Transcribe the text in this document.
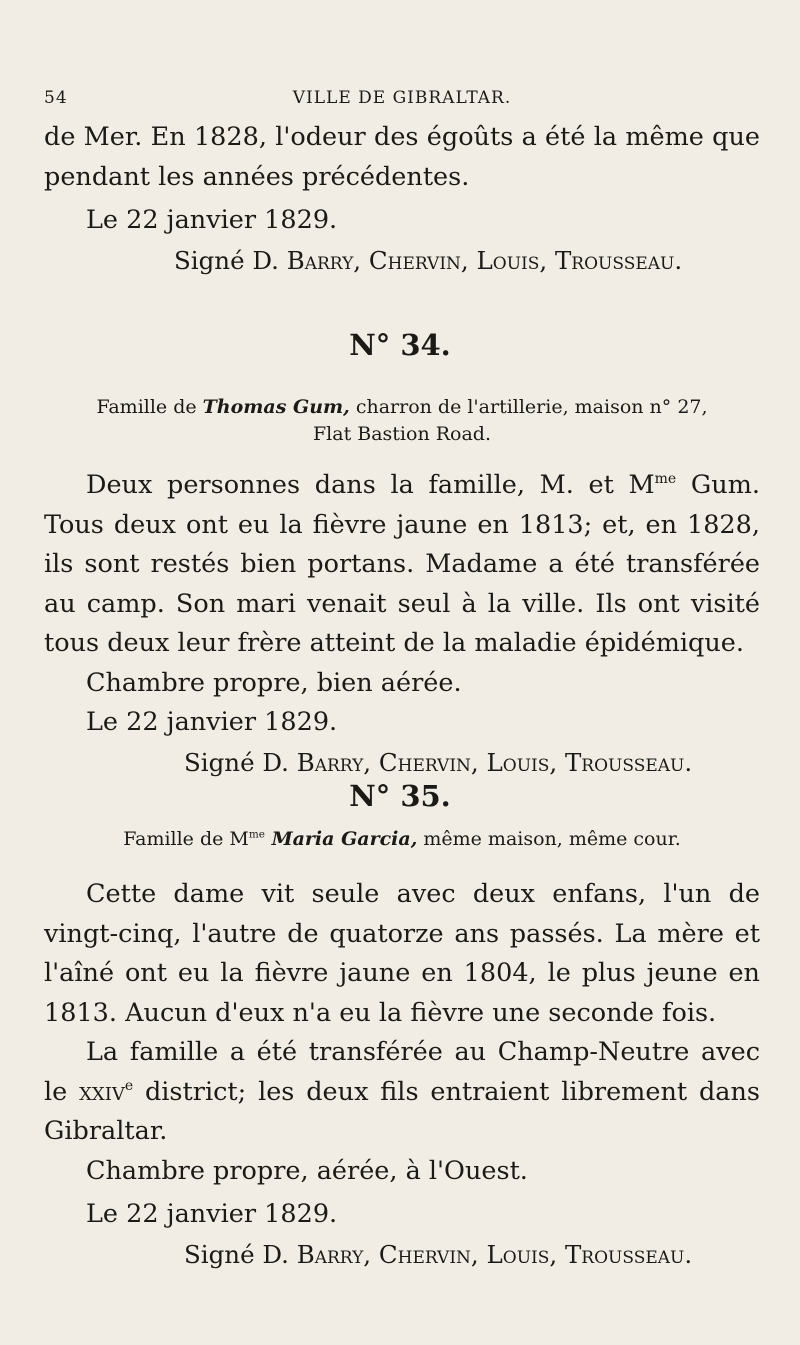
54	VILLE DE GIBRALTAR.

de Mer. En 1828, l'odeur des égoûts a été la même que pendant les années précédentes.

Le 22 janvier 1829.

Signé D. Barry, Chervin, Louis, Trousseau.

N° 34.

Famille de Thomas Gum, charron de l'artillerie, maison n° 27,

Flat Bastion Road.

Deux personnes dans la famille, M. et $M^{me}$ Gum. Tous deux ont eu la fièvre jaune en 1813; et, en 1828, ils sont restés bien portans. Madame a été transférée au camp. Son mari venait seul à la ville. Ils ont visité tous deux leur frère atteint de la maladie épidémique.

Chambre propre, bien aérée.

Le 22 janvier 1829.

Signé D. Barry, Chervin, Louis, Trousseau.

N° 35.

Famille de $M^{me}$ Maria Garcia, même maison, même cour.

Cette dame vit seule avec deux enfans, l'un de vingt-cinq, l'autre de quatorze ans passés. La mère et l'aîné ont eu la fièvre jaune en 1804, le plus jeune en 1813. Aucun d'eux n'a eu la fièvre une seconde fois.

La famille a été transférée au Champ-Neutre avec le xxiv$^e$ district; les deux fils entraient librement dans Gibraltar.

Chambre propre, aérée, à l'Ouest.

Le 22 janvier 1829.

Signé D. Barry, Chervin, Louis, Trousseau.
